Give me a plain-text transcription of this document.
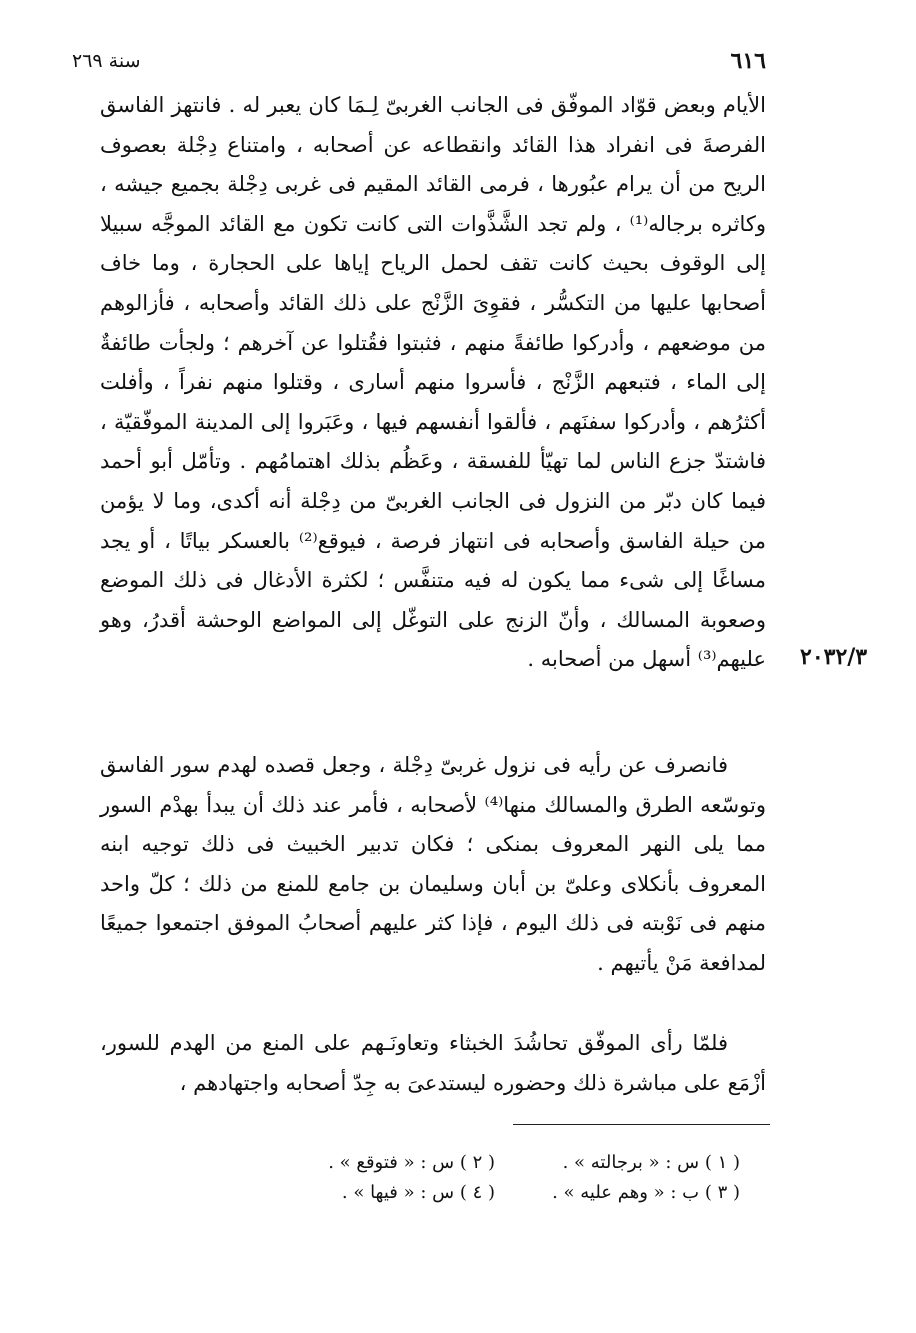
٦١٦
سنة ٢٦٩
الأيام وبعض قوّاد الموفّق فى الجانب الغربىّ لِـمَا كان يعبر له . فانتهز الفاسق الفرصةَ فى انفراد هذا القائد وانقطاعه عن أصحابه ، وامتناع دِجْلة بعصوف الريح من أن يرام عبُورها ، فرمى القائد المقيم فى غربى دِجْلة بجميع جيشه ، وكاثره برجاله⁽¹⁾ ، ولم تجد الشَّذَّوات التى كانت تكون مع القائد الموجَّه سبيلا إلى الوقوف بحيث كانت تقف لحمل الرياح إياها على الحجارة ، وما خاف أصحابها عليها من التكسُّر ، فقوِىَ الزَّنْج على ذلك القائد وأصحابه ، فأزالوهم من موضعهم ، وأدركوا طائفةً منهم ، فثبتوا فقُتلوا عن آخرهم ؛ ولجأت طائفةٌ إلى الماء ، فتبعهم الزَّنْج ، فأسروا منهم أسارى ، وقتلوا منهم نفراً ، وأفلت أكثرُهم ، وأدركوا سفنَهم ، فألقوا أنفسهم فيها ، وعَبَروا إلى المدينة الموفّقيّة ، فاشتدّ جزع الناس لما تهيّأ للفسقة ، وعَظُم بذلك اهتمامُهم . وتأمّل أبو أحمد فيما كان دبّر من النزول فى الجانب الغربىّ من دِجْلة أنه أكدى، وما لا يؤمن من حيلة الفاسق وأصحابه فى انتهاز فرصة ، فيوقع⁽²⁾ بالعسكر بياتًا ، أو يجد مساغًا إلى شىء مما يكون له فيه متنفَّس ؛ لكثرة الأدغال فى ذلك الموضع وصعوبة المسالك ، وأنّ الزنج على التوغّل إلى المواضع الوحشة أقدرُ، وهو عليهم⁽³⁾ أسهل من أصحابه . ٢٠٣٢/٣
فانصرف عن رأيه فى نزول غربىّ دِجْلة ، وجعل قصده لهدم سور الفاسق وتوسّعه الطرق والمسالك منها⁽⁴⁾ لأصحابه ، فأمر عند ذلك أن يبدأ بهدْم السور مما يلى النهر المعروف بمنكى ؛ فكان تدبير الخبيث فى ذلك توجيه ابنه المعروف بأنكلاى وعلىّ بن أبان وسليمان بن جامع للمنع من ذلك ؛ كلّ واحد منهم فى نَوْبته فى ذلك اليوم ، فإذا كثر عليهم أصحابُ الموفق اجتمعوا جميعًا لمدافعة مَنْ يأتيهم .
فلمّا رأى الموفّق تحاشُدَ الخبثاء وتعاونَـهم على المنع من الهدم للسور، أزْمَع على مباشرة ذلك وحضوره ليستدعىَ به جِدّ أصحابه واجتهادهم ،
( ١ ) س : « برجالته » .
( ٢ ) س : « فتوقع » .
( ٣ ) ب : « وهم عليه » .
( ٤ ) س : « فيها » .
